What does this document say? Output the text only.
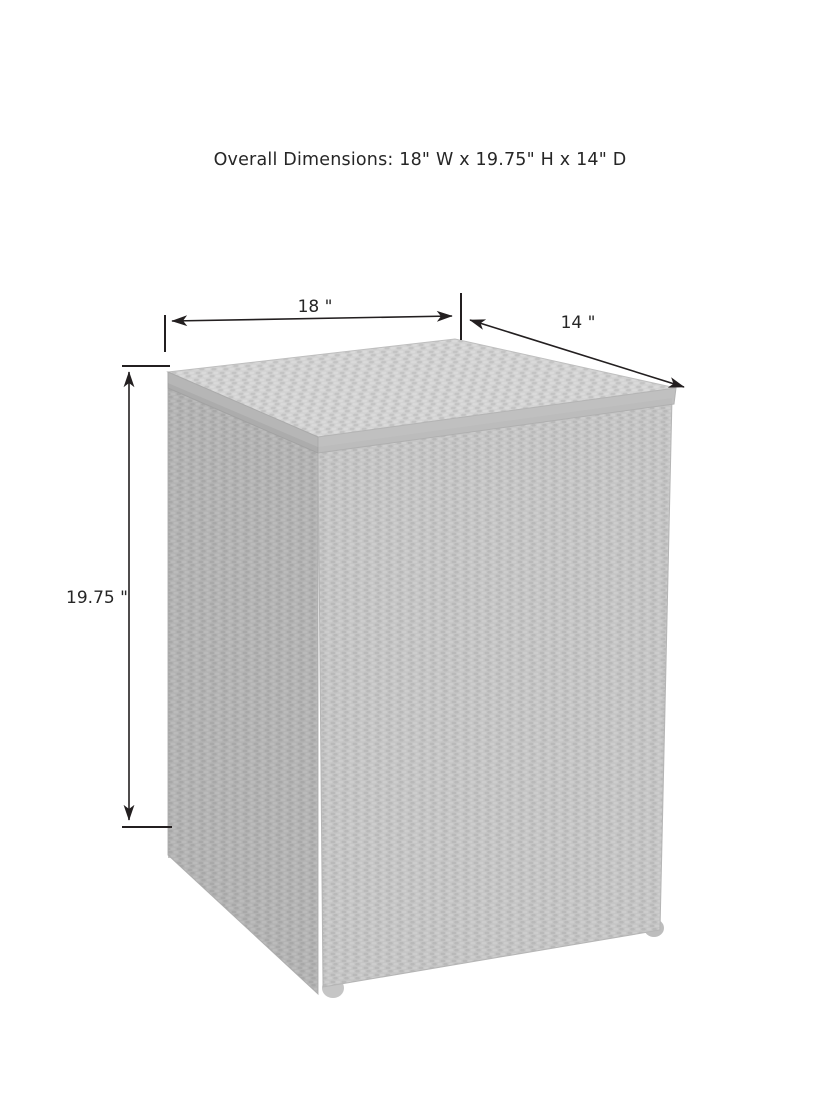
Overall Dimensions: 18" W x 19.75" H x 14" D
18 "
14 "
19.75 "
